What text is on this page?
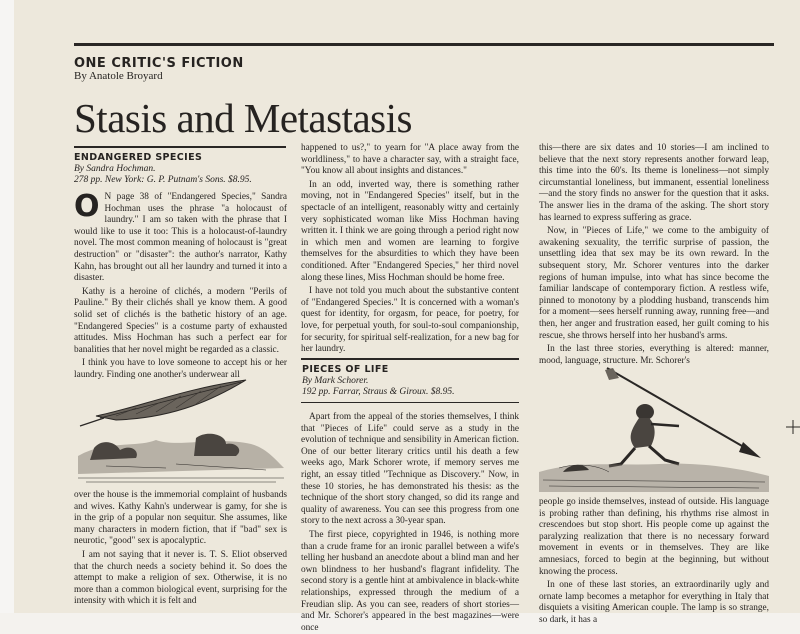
ONE CRITIC'S FICTION
By Anatole Broyard
Stasis and Metastasis
ENDANGERED SPECIES
By Sandra Hochman.
278 pp. New York: G. P. Putnam's Sons. $8.95.

O N page 38 of "Endangered Species," Sandra Hochman uses the phrase "a holocaust of laundry." I am so taken with the phrase that I would like to use it too: This is a holocaust-of-laundry novel. The most common meaning of holocaust is "great destruction" or "disaster": the author's narrator, Kathy Kahn, has brought out all her laundry and turned it into a disaster.

Kathy is a heroine of clichés, a modern "Perils of Pauline." By their clichés shall ye know them. A good solid set of clichés is the bathetic history of an age. "Endangered Species" is a costume party of exhausted attitudes. Miss Hochman has such a perfect ear for banalities that her novel might be regarded as a classic.

I think you have to love someone to accept his or her laundry. Finding one another's underwear all

over the house is the immemorial complaint of husbands and wives. Kathy Kahn's underwear is gamy, for she is in the grip of a popular non sequitur. She assumes, like many characters in modern fiction, that if "bad" sex is neurotic, "good" sex is apocalyptic.

I am not saying that it never is. T. S. Eliot observed that the church needs a society behind it. So does the attempt to make a religion of sex. Otherwise, it is no more than a common biological event, surprising for the intensity with which it is felt and

happened to us?," to yearn for "A place away from the worldliness," to have a character say, with a straight face, "You know all about insights and distances."

In an odd, inverted way, there is something rather moving, not in "Endangered Species" itself, but in the spectacle of an intelligent, reasonably witty and certainly very sophisticated woman like Miss Hochman having written it. I think we are going through a period right now in which men and women are learning to forgive themselves for the absurdities to which they have been conditioned. After "Endangered Species," her third novel along these lines, Miss Hochman should be home free.

I have not told you much about the substantive content of "Endangered Species." It is concerned with a woman's quest for identity, for orgasm, for peace, for poetry, for love, for perpetual youth, for soul-to-soul companionship, for security, for spiritual self-realization, for a new bag for her laundry.

PIECES OF LIFE
By Mark Schorer.
192 pp. Farrar, Straus & Giroux. $8.95.

Apart from the appeal of the stories themselves, I think that "Pieces of Life" could serve as a study in the evolution of technique and sensibility in American fiction. One of our better literary critics until his death a few weeks ago, Mark Schorer wrote, if memory serves me right, an essay titled "Technique as Discovery." Now, in these 10 stories, he has demonstrated his thesis: as the technique of the short story changed, so did its range and quality of awareness. You can see this progress from one story to the next across a 30-year span.

The first piece, copyrighted in 1946, is nothing more than a crude frame for an ironic parallel between a wife's telling her husband an anecdote about a blind man and her own blindness to her husband's flagrant infidelity. The second story is a gentle hint at ambivalence in black-white relationships, expressed through the medium of a Freudian slip. As you can see, readers of short stories—and Mr. Schorer's appeared in the best magazines—were once

this—there are six dates and 10 stories—I am inclined to believe that the next story represents another forward leap, this time into the 60's. Its theme is loneliness—not simply circumstantial loneliness, but immanent, essential loneliness—and the story finds no answer for the question that it asks. The answer lies in the drama of the asking. The short story has learned to express suffering as grace.

Now, in "Pieces of Life," we come to the ambiguity of awakening sexuality, the terrific surprise of passion, the unsettling idea that sex may be its own reward. In the subsequent story, Mr. Schorer ventures into the darker regions of human impulse, into what has since become the familiar landscape of contemporary fiction. A restless wife, pinned to monotony by a plodding husband, transcends him for a moment—sees herself running away, running free—and then, her anger and frustration eased, her guilt coming to his rescue, she throws herself into her husband's arms.

In the last three stories, everything is altered: manner, mood, language, structure. Mr. Schorer's

people go inside themselves, instead of outside. His language is probing rather than defining, his rhythms rise almost in crescendoes but stop short. His people come up against the paralyzing realization that there is no necessary forward movement in events or in themselves. They are like amnesiacs, forced to begin at the beginning, but without knowing the process.

In one of these last stories, an extraordinarily ugly and ornate lamp becomes a metaphor for everything in Italy that disquiets a visiting American couple. The lamp is so strange, so dark, it has a
